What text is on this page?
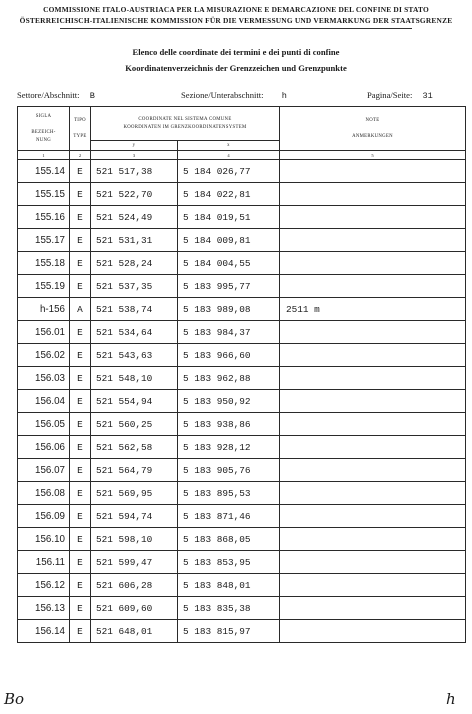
COMMISSIONE ITALO-AUSTRIACA PER LA MISURAZIONE E DEMARCAZIONE DEL CONFINE DI STATO
ÖSTERREICHISCH-ITALIENISCHE KOMMISSION FÜR DIE VERMESSUNG UND VERMARKUNG DER STAATSGRENZE
Elenco delle coordinate dei termini e dei punti di confine
Koordinatenverzeichnis der Grenzzeichen und Grenzpunkte
Settore/Abschnitt: B	Sezione/Unterabschnitt: h	Pagina/Seite: 31
SIGLA

BEZEICH-
NUNG	TIPO

TYPE	COORDINATE NEL SISTEMA COMUNE
KOORDINATEN IM GRENZKOORDINATENSYSTEM		NOTE

ANMERKUNGEN
		y	x	
1	2	3	4	5
155.14	E	521 517,38	5 184 026,77	
155.15	E	521 522,70	5 184 022,81	
155.16	E	521 524,49	5 184 019,51	
155.17	E	521 531,31	5 184 009,81	
155.18	E	521 528,24	5 184 004,55	
155.19	E	521 537,35	5 183 995,77	
h-156	A	521 538,74	5 183 989,08	2511 m
156.01	E	521 534,64	5 183 984,37	
156.02	E	521 543,63	5 183 966,60	
156.03	E	521 548,10	5 183 962,88	
156.04	E	521 554,94	5 183 950,92	
156.05	E	521 560,25	5 183 938,86	
156.06	E	521 562,58	5 183 928,12	
156.07	E	521 564,79	5 183 905,76	
156.08	E	521 569,95	5 183 895,53	
156.09	E	521 594,74	5 183 871,46	
156.10	E	521 598,10	5 183 868,05	
156.11	E	521 599,47	5 183 853,95	
156.12	E	521 606,28	5 183 848,01	
156.13	E	521 609,60	5 183 835,38	
156.14	E	521 648,01	5 183 815,97	
Bo	h
